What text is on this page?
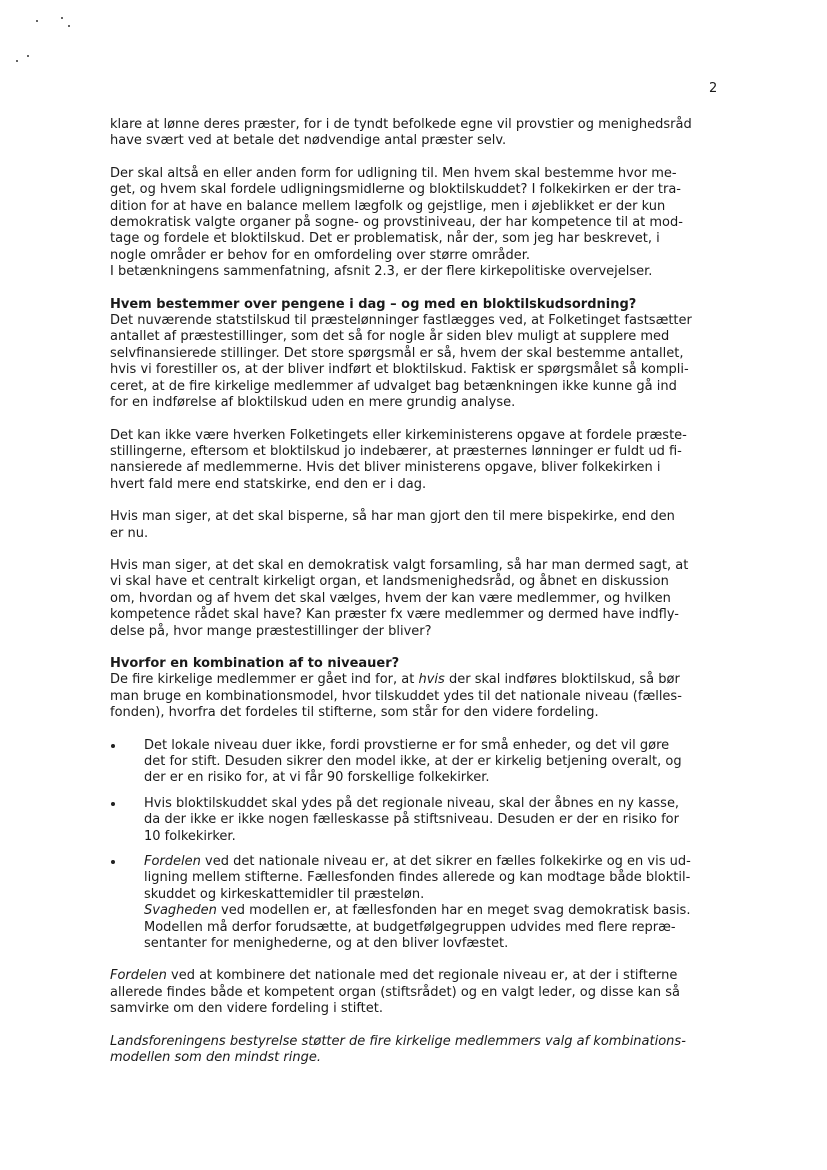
2

klare at lønne deres præster, for i de tyndt befolkede egne vil provstier og menighedsråd
have svært ved at betale det nødvendige antal præster selv.

Der skal altså en eller anden form for udligning til. Men hvem skal bestemme hvor me-
get, og hvem skal fordele udligningsmidlerne og bloktilskuddet? I folkekirken er der tra-
dition for at have en balance mellem lægfolk og gejstlige, men i øjeblikket er der kun
demokratisk valgte organer på sogne- og provstiniveau, der har kompetence til at mod-
tage og fordele et bloktilskud. Det er problematisk, når der, som jeg har beskrevet, i
nogle områder er behov for en omfordeling over større områder.
I betænkningens sammenfatning, afsnit 2.3, er der flere kirkepolitiske overvejelser.

Hvem bestemmer over pengene i dag – og med en bloktilskudsordning?

Det nuværende statstilskud til præstelønninger fastlægges ved, at Folketinget fastsætter
antallet af præstestillinger, som det så for nogle år siden blev muligt at supplere med
selvfinansierede stillinger. Det store spørgsmål er så, hvem der skal bestemme antallet,
hvis vi forestiller os, at der bliver indført et bloktilskud. Faktisk er spørgsmålet så kompli-
ceret, at de fire kirkelige medlemmer af udvalget bag betænkningen ikke kunne gå ind
for en indførelse af bloktilskud uden en mere grundig analyse.

Det kan ikke være hverken Folketingets eller kirkeministerens opgave at fordele præste-
stillingerne, eftersom et bloktilskud jo indebærer, at præsternes lønninger er fuldt ud fi-
nansierede af medlemmerne. Hvis det bliver ministerens opgave, bliver folkekirken i
hvert fald mere end statskirke, end den er i dag.

Hvis man siger, at det skal bisperne, så har man gjort den til mere bispekirke, end den
er nu.

Hvis man siger, at det skal en demokratisk valgt forsamling, så har man dermed sagt, at
vi skal have et centralt kirkeligt organ, et landsmenighedsråd, og åbnet en diskussion
om, hvordan og af hvem det skal vælges, hvem der kan være medlemmer, og hvilken
kompetence rådet skal have? Kan præster fx være medlemmer og dermed have indfly-
delse på, hvor mange præstestillinger der bliver?

Hvorfor en kombination af to niveauer?

De fire kirkelige medlemmer er gået ind for, at hvis der skal indføres bloktilskud, så bør
man bruge en kombinationsmodel, hvor tilskuddet ydes til det nationale niveau (fælles-
fonden), hvorfra det fordeles til stifterne, som står for den videre fordeling.

Det lokale niveau duer ikke, fordi provstierne er for små enheder, og det vil gøre
det for stift. Desuden sikrer den model ikke, at der er kirkelig betjening overalt, og
der er en risiko for, at vi får 90 forskellige folkekirker.
Hvis bloktilskuddet skal ydes på det regionale niveau, skal der åbnes en ny kasse,
da der ikke er ikke nogen fælleskasse på stiftsniveau. Desuden er der en risiko for
10 folkekirker.
Fordelen ved det nationale niveau er, at det sikrer en fælles folkekirke og en vis ud-
ligning mellem stifterne. Fællesfonden findes allerede og kan modtage både bloktil-
skuddet og kirkeskattemidler til præsteløn.
Svagheden ved modellen er, at fællesfonden har en meget svag demokratisk basis.
Modellen må derfor forudsætte, at budgetfølgegruppen udvides med flere repræ-
sentanter for menighederne, og at den bliver lovfæstet.

Fordelen ved at kombinere det nationale med det regionale niveau er, at der i stifterne
allerede findes både et kompetent organ (stiftsrådet) og en valgt leder, og disse kan så
samvirke om den videre fordeling i stiftet.

Landsforeningens bestyrelse støtter de fire kirkelige medlemmers valg af kombinations-
modellen som den mindst ringe.
